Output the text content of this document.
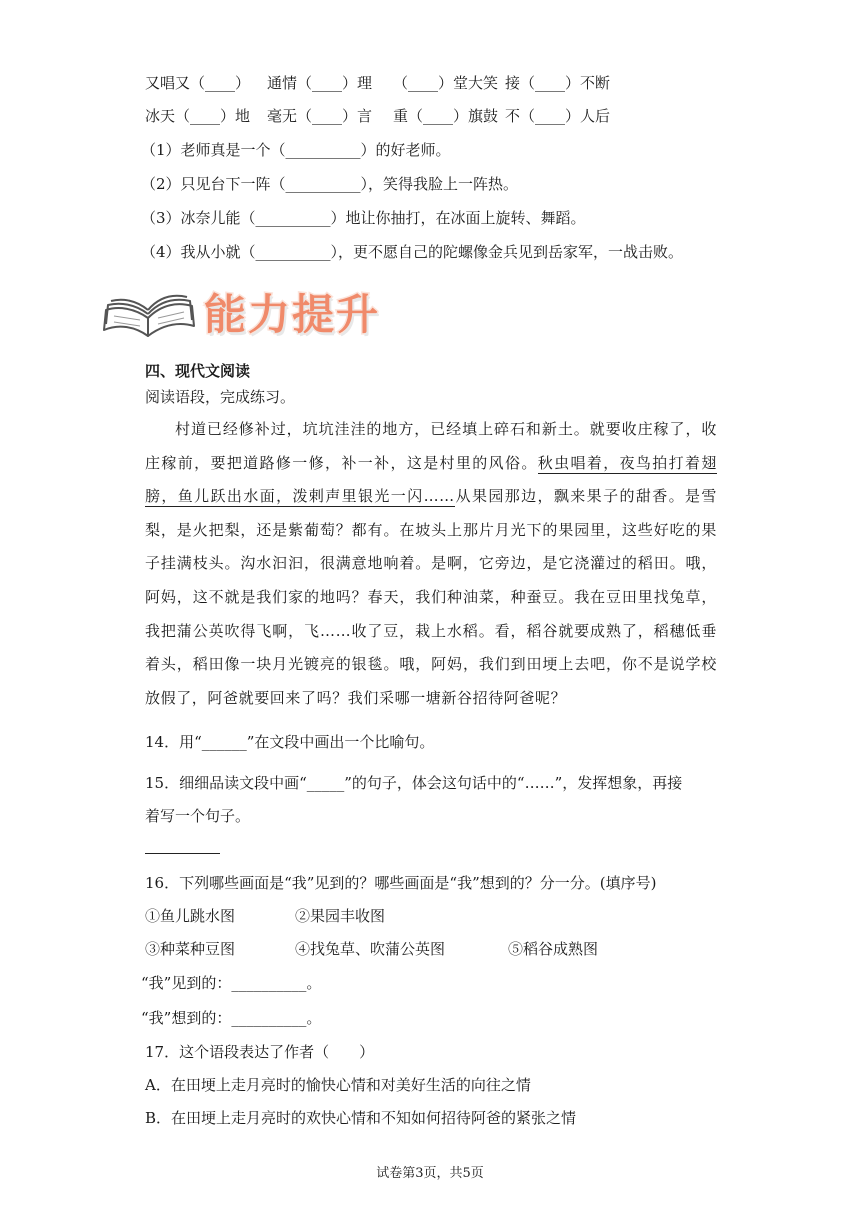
又唱又（____） 通情（____）理 （____）堂大笑 接（____）不断
冰天（____）地 毫无（____）言 重（____）旗鼓 不（____）人后
（1）老师真是一个（__________）的好老师。
（2）只见台下一阵（__________），笑得我脸上一阵热。
（3）冰奈儿能（__________）地让你抽打，在冰面上旋转、舞蹈。
（4）我从小就（__________），更不愿自己的陀螺像金兵见到岳家军，一战击败。
能力提升
四、现代文阅读
阅读语段，完成练习。

村道已经修补过，坑坑洼洼的地方，已经填上碎石和新土。就要收庄稼了，收庄稼前，要把道路修一修，补一补，这是村里的风俗。秋虫唱着，夜鸟拍打着翅膀，鱼儿跃出水面，泼剌声里银光一闪……从果园那边，飘来果子的甜香。是雪梨，是火把梨，还是紫葡萄？都有。在坡头上那片月光下的果园里，这些好吃的果子挂满枝头。沟水汩汩，很满意地响着。是啊，它旁边，是它浇灌过的稻田。哦，阿妈，这不就是我们家的地吗？春天，我们种油菜，种蚕豆。我在豆田里找兔草，我把蒲公英吹得飞啊，飞……收了豆，栽上水稻。看，稻谷就要成熟了，稻穗低垂着头，稻田像一块月光镀亮的银毯。哦，阿妈，我们到田埂上去吧，你不是说学校放假了，阿爸就要回来了吗？我们采哪一塘新谷招待阿爸呢？

14．用“______”在文段中画出一个比喻句。
15．细细品读文段中画“_____”的句子，体会这句话中的“……”，发挥想象，再接
着写一个句子。
16．下列哪些画面是“我”见到的？哪些画面是“我”想到的？分一分。(填序号)
①鱼儿跳水图	②果园丰收图
③种菜种豆图	④找兔草、吹蒲公英图	⑤稻谷成熟图
“我”见到的：__________。
“我”想到的：__________。
17．这个语段表达了作者（　　）
A．在田埂上走月亮时的愉快心情和对美好生活的向往之情
B．在田埂上走月亮时的欢快心情和不知如何招待阿爸的紧张之情
试卷第3页，共5页
